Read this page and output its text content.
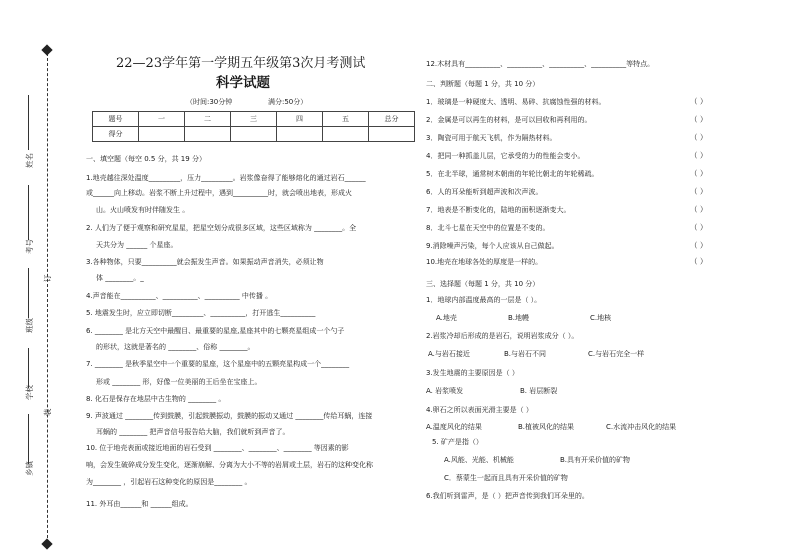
姓名
考号
订
班级
学校
装
乡镇
22—23学年第一学期五年级第3次月考测试
科学试题
（时间:30分钟	满分:50分）
题号	一	二	三	四	五	总分
得分						
一、填空题（每空 0.5 分，共 19 分）
1.地壳越往深处温度_________，压力_________。岩浆像奋得了能够熔化的通过岩石______
或______向上移动。岩浆不断上升过程中，遇到__________时，就会喷出地表，形成火
山。火山喷发有时伴随发生 。
2. 人们为了便于观察和研究星星，把星空划分成很多区域，这些区域称为 ________。全
天共分为 ______ 个星座。
3.各种物体，只要__________就会振发生声音。如果振动声音消失，必须让物
体 ________。_
4.声音能在__________、__________、__________ 中传播 。
5. 地震发生时，应立即切断_________、__________，打开逃生__________
6. ________ 是北方天空中最醒目、最重要的星座,星座其中的七颗亮星组成一个勺子
的形状，这就是著名的 ________、俗称 ________。
7. ________ 是秋季星空中一个重要的星座，这个星座中的五颗亮星构成一个________
形或 ________ 形，好像一位美丽的王后坐在宝座上。
8. 化石是保存在地层中古生物的 ________ 。
9. 声波通过 ________传到鼓膜，引起鼓膜振动，鼓膜的振动又通过 ________传给耳蜗，连接
耳蜗的 ________ 把声音信号报告给大脑，我们就听到声音了。
10. 位于地壳表面或接近地面的岩石受到 ________、________、________ 等因素的影
响，会发生破碎成分发生变化，逐渐崩解、分离为大小不等的岩屑或土层，岩石的这种变化称
为________ ，引起岩石这种变化的原因是________ 。
11. 外耳由______和 ______组成。
12.木材具有__________、__________、__________、__________等特点。
二、判断题（每题 1 分，共 10 分）
1．玻璃是一种硬度大、透明、易碎、抗腐蚀性强的材料。	（ ）
2．金属是可以再生的材料，是可以回收和再利用的。	（ ）
3．陶瓷可用于航天飞机，作为隔热材料。	（ ）
4．把同一种抓盖儿层，它承受的力的性能会变小。	（ ）
5．在北半球，通常树木朝南的年轮比朝北的年轮稀疏。	（ ）
6．人的耳朵能听到超声波和次声波。	（ ）
7．地表是不断变化的，陆地的面积逐渐变大。	（ ）
8．北斗七星在天空中的位置是不变的。	（ ）
9.消除噪声污染，每个人应该从自己做起。	（ ）
10.地壳在地球各处的厚度是一样的。	（ ）
三、选择题（每题 1 分，共 10 分）
1．地球内部温度最高的一层是（ ）。
A.地壳	B.地幔	C.地核
2.岩浆冷却后形成的是岩石，说明岩浆成分（ ）。
A.与岩石接近	B.与岩石不同	C.与岩石完全一样
3.发生地震的主要原因是（ ）
A. 岩浆喷发	B. 岩层断裂
4.卵石之所以表面光滑主要是（ ）
A.温度风化的结果	B.植被风化的结果	C.水流冲击风化的结果
5. 矿产是指（）
A.风能、光能、机械能	B.具有开采价值的矿物
C．蔡蒙生一起而且具有开采价值的矿物
6.我们听到雷声，是（ ）把声音传到我们耳朵里的。
